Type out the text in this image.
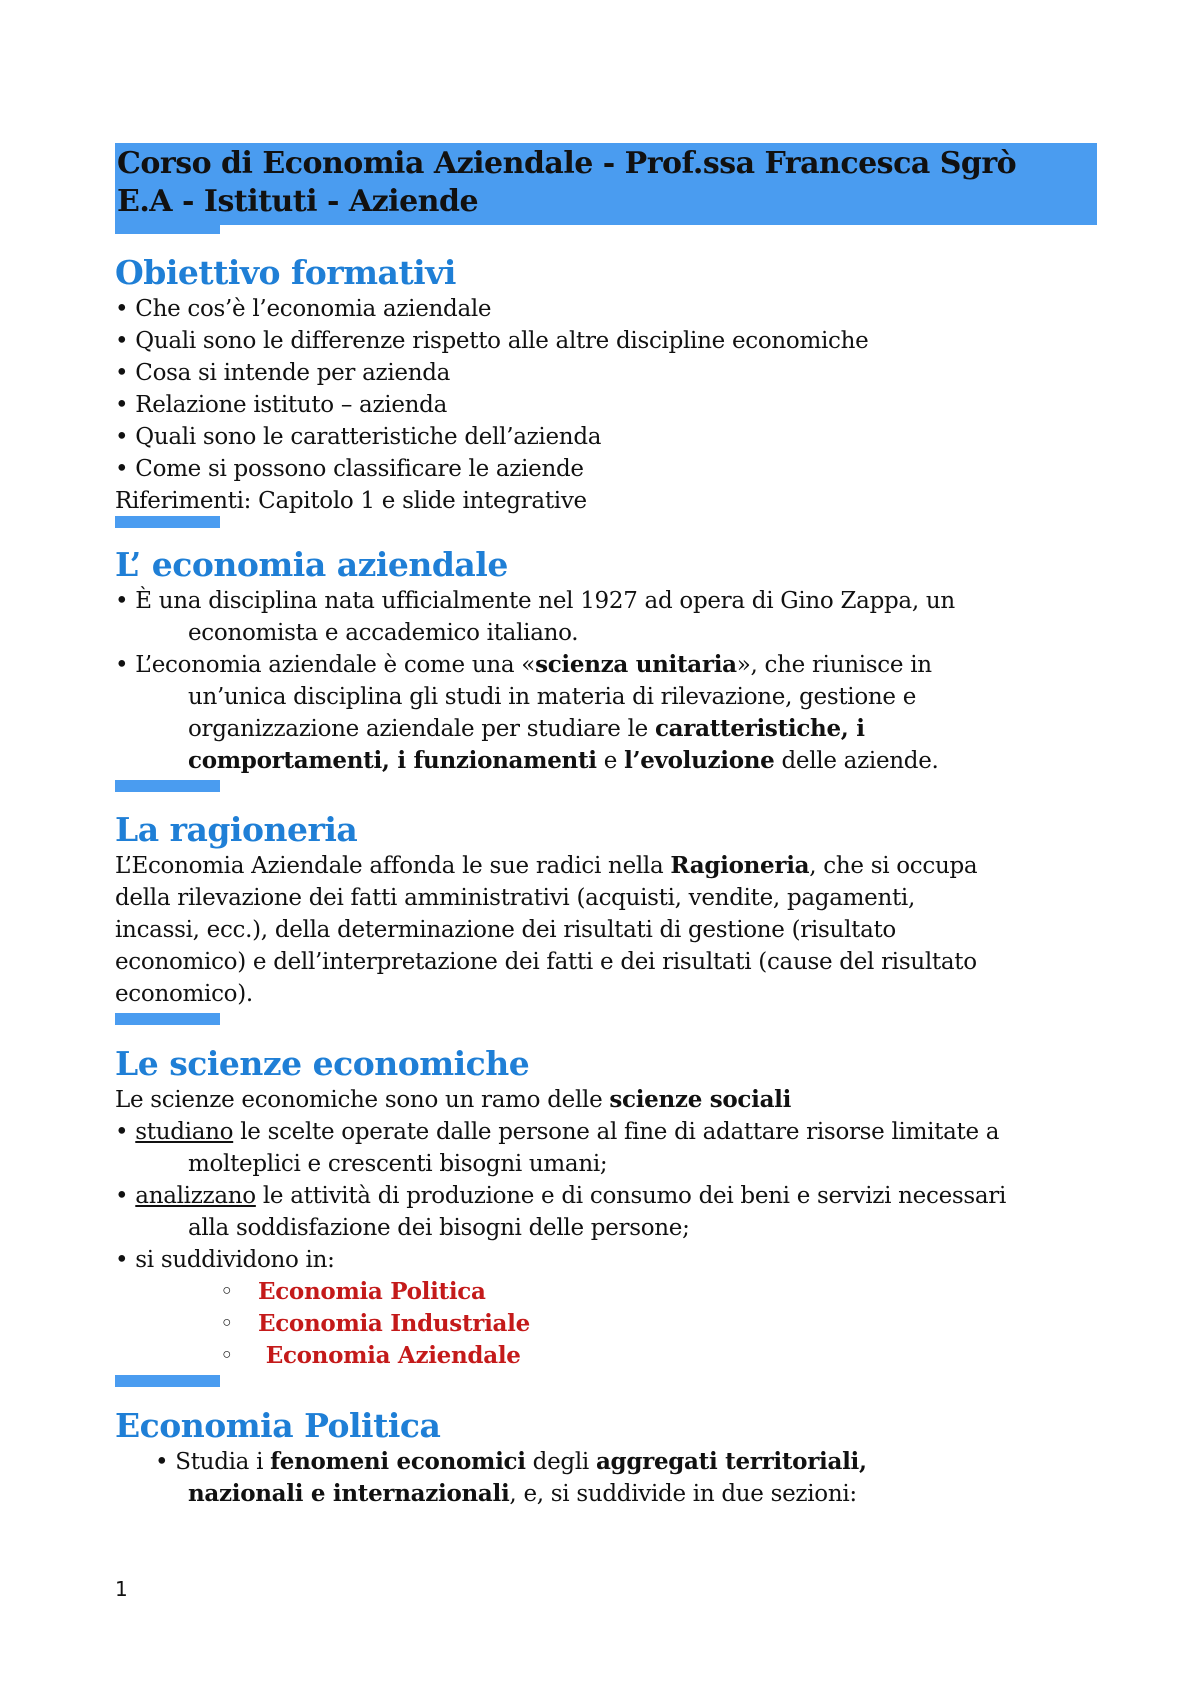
Corso di Economia Aziendale - Prof.ssa Francesca Sgrò
E.A - Istituti - Aziende
Obiettivo formativi
• Che cos’è l’economia aziendale
• Quali sono le differenze rispetto alle altre discipline economiche
• Cosa si intende per azienda
• Relazione istituto – azienda
• Quali sono le caratteristiche dell’azienda
• Come si possono classificare le aziende
Riferimenti: Capitolo 1 e slide integrative
L’ economia aziendale
• È una disciplina nata ufficialmente nel 1927 ad opera di Gino Zappa, un
economista e accademico italiano.
• L’economia aziendale è come una «scienza unitaria», che riunisce in
un’unica disciplina gli studi in materia di rilevazione, gestione e
organizzazione aziendale per studiare le caratteristiche, i
comportamenti, i funzionamenti e l’evoluzione delle aziende.
La ragioneria
L’Economia Aziendale affonda le sue radici nella Ragioneria, che si occupa
della rilevazione dei fatti amministrativi (acquisti, vendite, pagamenti,
incassi, ecc.), della determinazione dei risultati di gestione (risultato
economico) e dell’interpretazione dei fatti e dei risultati (cause del risultato
economico).
Le scienze economiche
Le scienze economiche sono un ramo delle scienze sociali
• studiano le scelte operate dalle persone al fine di adattare risorse limitate a
molteplici e crescenti bisogni umani;
• analizzano le attività di produzione e di consumo dei beni e servizi necessari
alla soddisfazione dei bisogni delle persone;
• si suddividono in:
◦ Economia Politica
◦ Economia Industriale
◦ Economia Aziendale
Economia Politica
• Studia i fenomeni economici degli aggregati territoriali,
nazionali e internazionali, e, si suddivide in due sezioni:
1
